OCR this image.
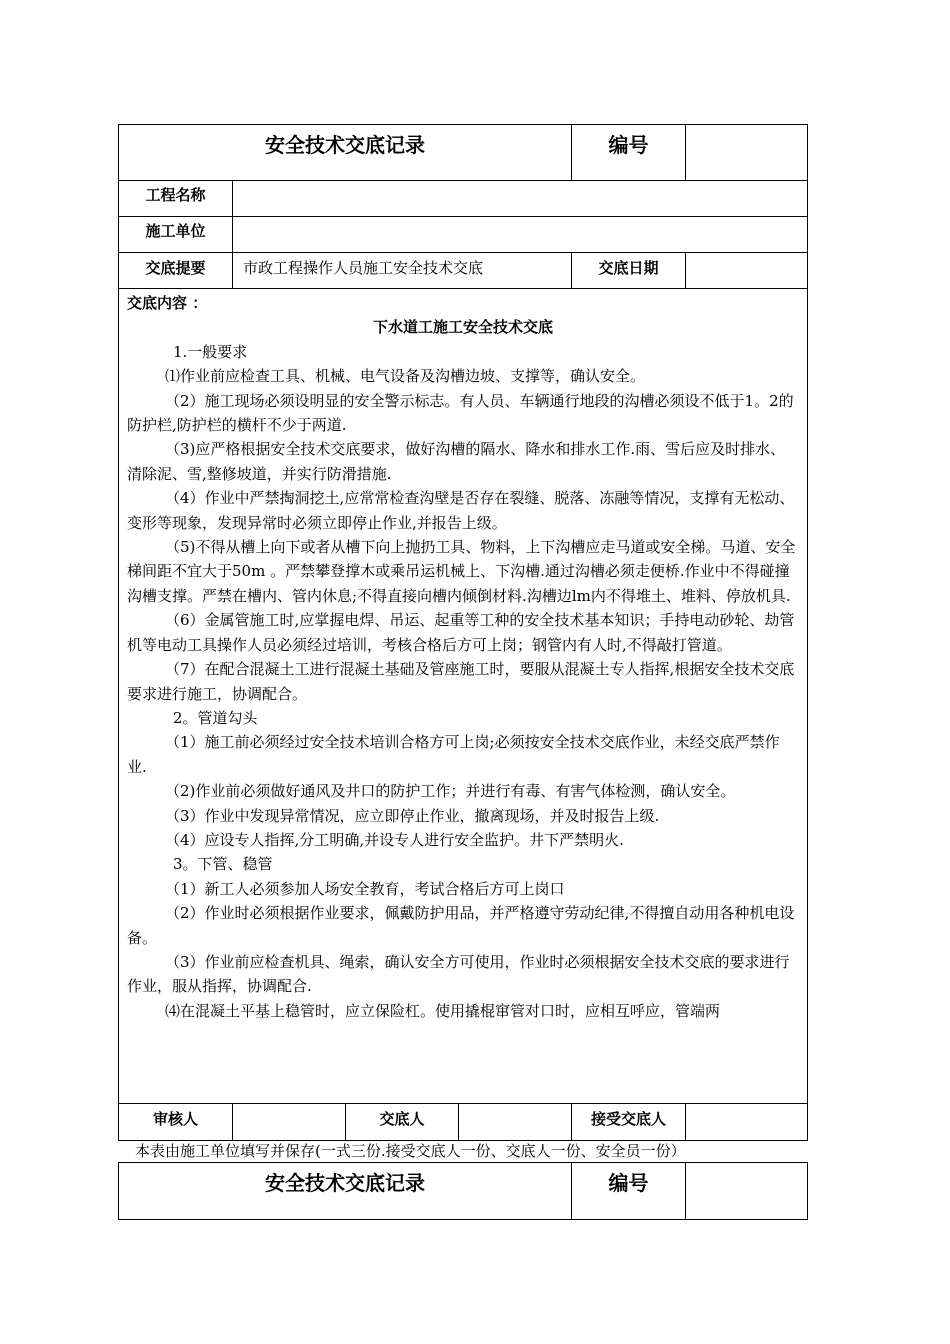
安全技术交底记录	编号
工程名称
施工单位
交底提要	市政工程操作人员施工安全技术交底	交底日期

交底内容 ：

下水道工施工安全技术交底

1.一般要求

⑴作业前应检查工具、机械、电气设备及沟槽边坡、支撑等，确认安全。

（2）施工现场必须设明显的安全警示标志。有人员、车辆通行地段的沟槽必须设不低于1。2的防护栏,防护栏的横杆不少于两道.

（3)应严格根据安全技术交底要求，做好沟槽的隔水、降水和排水工作.雨、雪后应及时排水、清除泥、雪,整修坡道，并实行防滑措施.

（4）作业中严禁掏洞挖土,应常常检查沟壁是否存在裂缝、脱落、冻融等情况，支撑有无松动、变形等现象，发现异常时必须立即停止作业,并报告上级。

（5)不得从槽上向下或者从槽下向上抛扔工具、物料，上下沟槽应走马道或安全梯。马道、安全梯间距不宜大于50m 。严禁攀登撑木或乘吊运机械上、下沟槽.通过沟槽必须走便桥.作业中不得碰撞沟槽支撑。严禁在槽内、管内休息;不得直接向槽内倾倒材料.沟槽边lm内不得堆土、堆料、停放机具.

（6）金属管施工时,应掌握电焊、吊运、起重等工种的安全技术基本知识；手持电动砂轮、劫管机等电动工具操作人员必须经过培训，考核合格后方可上岗；钢管内有人时,不得敲打管道。

（7）在配合混凝土工进行混凝土基础及管座施工时，要服从混凝土专人指挥,根据安全技术交底要求进行施工，协调配合。

2。管道勾头

（1）施工前必须经过安全技术培训合格方可上岗;必须按安全技术交底作业，未经交底严禁作业.

（2)作业前必须做好通风及井口的防护工作；并进行有毒、有害气体检测，确认安全。

（3）作业中发现异常情况，应立即停止作业，撤离现场，并及时报告上级.

（4）应设专人指挥,分工明确,并设专人进行安全监护。井下严禁明火.

3。下管、稳管

（1）新工人必须参加人场安全教育，考试合格后方可上岗口

（2）作业时必须根据作业要求，佩戴防护用品，并严格遵守劳动纪律,不得擅自动用各种机电设备。

（3）作业前应检查机具、绳索，确认安全方可使用，作业时必须根据安全技术交底的要求进行作业，服从指挥，协调配合.

⑷在混凝土平基上稳管时，应立保险杠。使用撬棍窜管对口时，应相互呼应，管端两

审核人	交底人	接受交底人
本表由施工单位填写并保存(一式三份.接受交底人一份、交底人一份、安全员一份）
安全技术交底记录	编号
